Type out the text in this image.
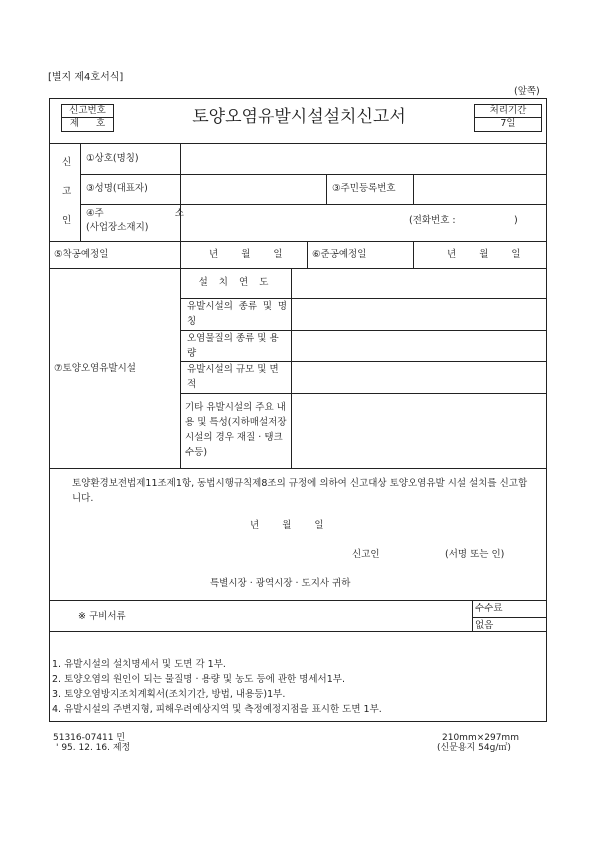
[별지 제4호서식]
(앞쪽)
신고번호
제 호	토양오염유발시설설치신고서	처리기간
7일
신
고
인
①상호(명칭)
③성명(대표자)	③주민등록번호
④주 소
(사업장소재지)
(전화번호 :	)
⑤착공예정일	년 월 일	⑥준공예정일	년 월 일
⑦토양오염유발시설
설 치 연 도
유발시설의 종류 및 명칭
오염물질의 종류 및 용량
유발시설의 규모 및 면적
기타 유발시설의 주요 내용 및 특성(지하매설저장시설의 경우 재질 · 탱크수등)
토양환경보전법제11조제1항, 동법시행규칙제8조의 규정에 의하여 신고대상 토양오염유발 시설 설치를 신고합니다.
년 월 일
신고인	(서명 또는 인)
특별시장 · 광역시장 · 도지사 귀하
※ 구비서류
수수료
없음
1. 유발시설의 설치명세서 및 도면 각 1부.
2. 토양오염의 원인이 되는 물질명 · 용량 및 농도 등에 관한 명세서1부.
3. 토양오염방지조치계획서(조치기간, 방법, 내용등)1부.
4. 유발시설의 주변지형, 피해우려예상지역 및 측정예정지점을 표시한 도면 1부.
51316-07411 민
' 95. 12. 16. 제정
210mm×297mm
(신문용지 54g/㎡)
